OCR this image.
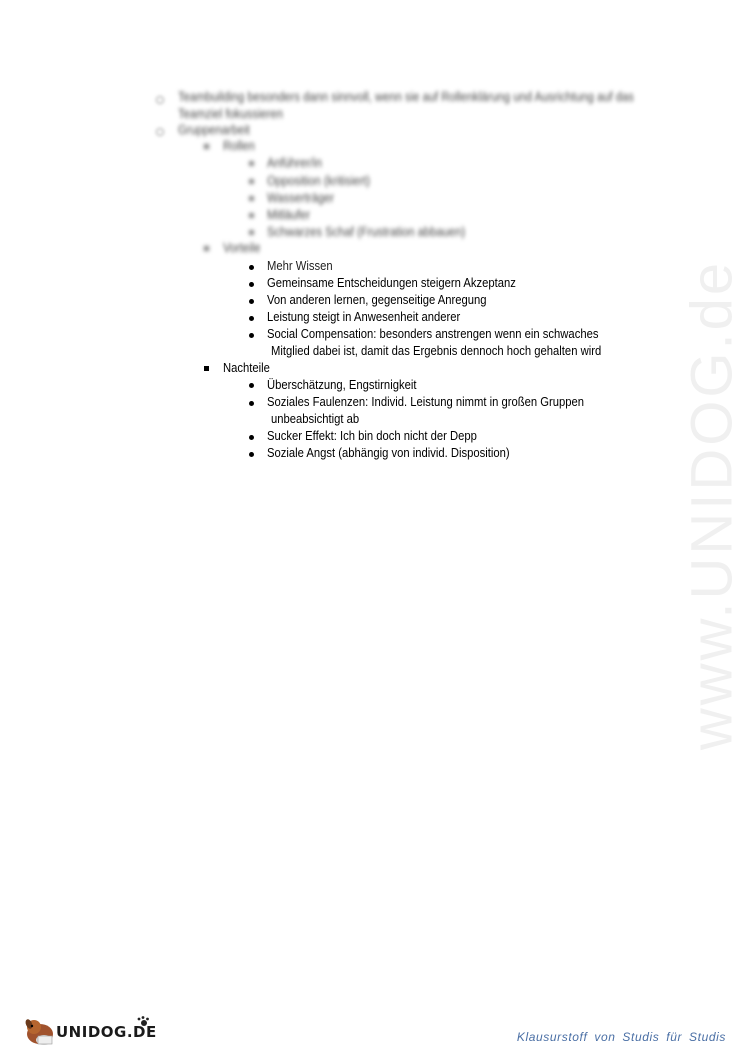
www.UNIDOG.de
Teambuilding besonders dann sinnvoll, wenn sie auf Rollenklärung und Ausrichtung auf das
Teamziel fokussieren
Gruppenarbeit
Rollen
Anführer/in
Opposition (kritisiert)
Wasserträger
Mitläufer
Schwarzes Schaf (Frustration abbauen)
Vorteile
Mehr Wissen
Gemeinsame Entscheidungen steigern Akzeptanz
Von anderen lernen, gegenseitige Anregung
Leistung steigt in Anwesenheit anderer
Social Compensation: besonders anstrengen wenn ein schwaches
Mitglied dabei ist, damit das Ergebnis dennoch hoch gehalten wird
Nachteile
Überschätzung, Engstirnigkeit
Soziales Faulenzen: Individ. Leistung nimmt in großen Gruppen
unbeabsichtigt ab
Sucker Effekt: Ich bin doch nicht der Depp
Soziale Angst (abhängig von individ. Disposition)
UNIDOG.DE	Klausurstoff von Studis für Studis
